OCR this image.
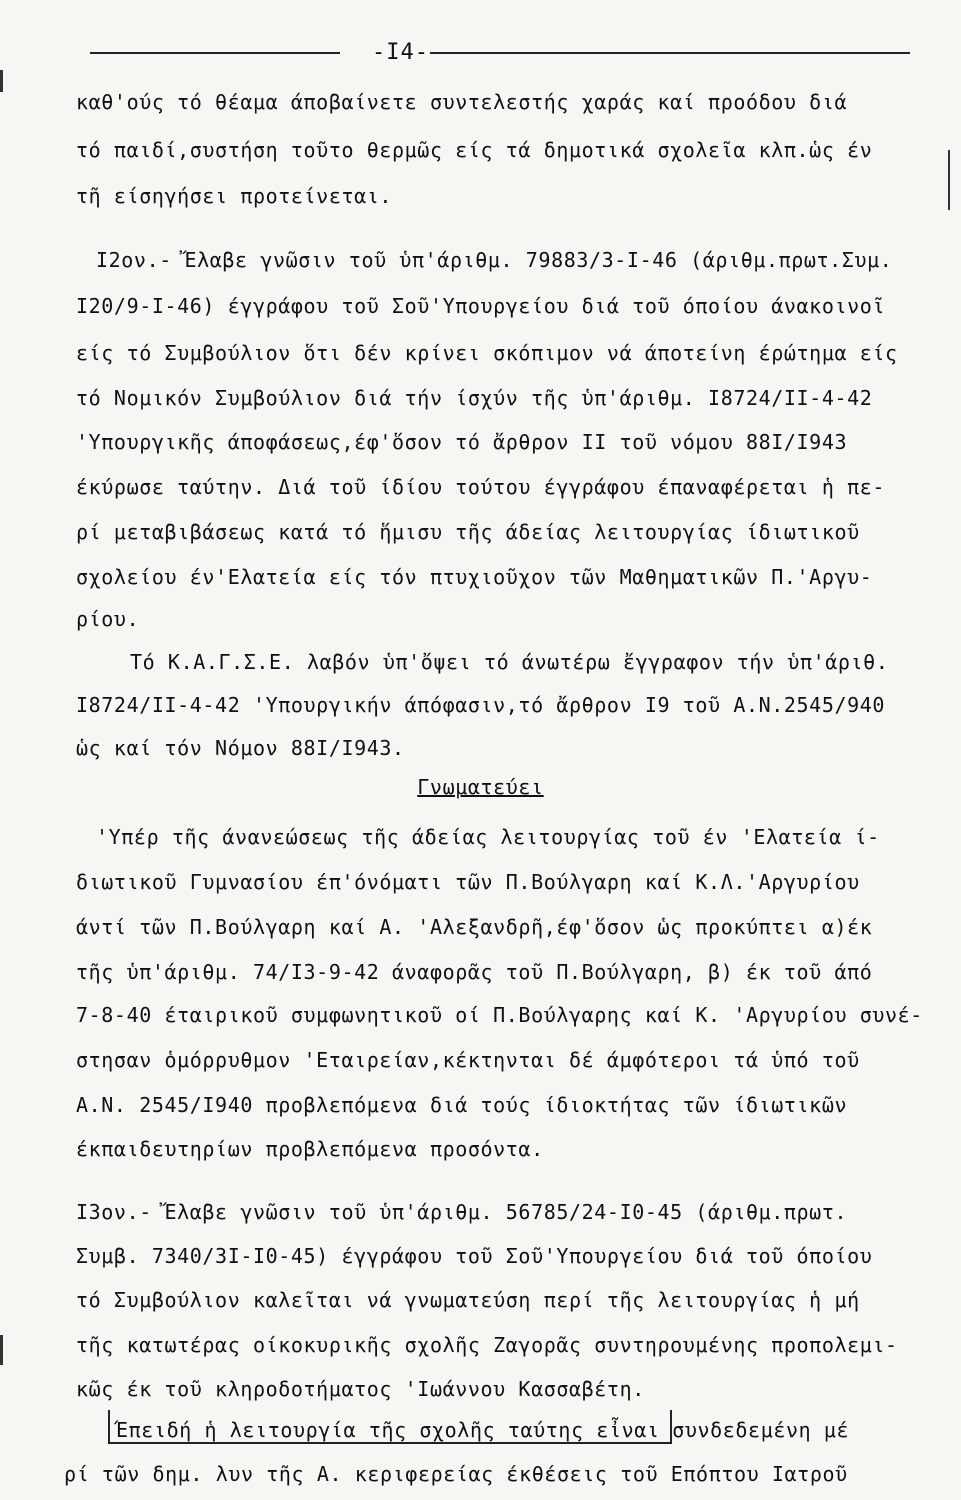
-I4-
καθ'ούς τό θέαμα άποβαίνετε συντελεστής χαράς καί προόδου διά
τό παιδί,συστήση τοῦτο θερμῶς είς τά δημοτικά σχολεῖα κλπ.ὡς έν
τῆ είσηγήσει προτείνεται.
I2ον.- Ἔλαβε γνῶσιν τοῦ ὑπ'άριθμ. 79883/3-I-46 (άριθμ.πρωτ.Συμ.
I20/9-I-46) έγγράφου τοῦ Σοῦ'Υπουργείου διά τοῦ όποίου άνακοινοῖ
είς τό Συμβούλιον ὅτι δέν κρίνει σκόπιμον νά άποτείνη έρώτημα είς
τό Νομικόν Συμβούλιον διά τήν ίσχύν τῆς ὑπ'άριθμ. I8724/II-4-42
'Υπουργικῆς άποφάσεως,έφ'ὅσον τό ἄρθρον II τοῦ νόμου 88I/I943
έκύρωσε ταύτην. Διά τοῦ ίδίου τούτου έγγράφου έπαναφέρεται ἡ πε-
ρί μεταβιβάσεως κατά τό ἥμισυ τῆς άδείας λειτουργίας ίδιωτικοῦ
σχολείου έν'Ελατεία είς τόν πτυχιοῦχον τῶν Μαθηματικῶν Π.'Αργυ-
ρίου.
Τό Κ.Α.Γ.Σ.Ε. λαβόν ὑπ'ὄψει τό άνωτέρω ἔγγραφον τήν ὑπ'άριθ.
I8724/II-4-42 'Υπουργικήν άπόφασιν,τό ἄρθρον I9 τοῦ Α.Ν.2545/940
ὡς καί τόν Νόμον 88I/I943.
Γνωματεύει
'Υπέρ τῆς άνανεώσεως τῆς άδείας λειτουργίας τοῦ έν 'Ελατεία ί-
διωτικοῦ Γυμνασίου έπ'όνόματι τῶν Π.Βούλγαρη καί Κ.Λ.'Αργυρίου
άντί τῶν Π.Βούλγαρη καί Α. 'Αλεξανδρῆ,έφ'ὅσον ὡς προκύπτει α)έκ
τῆς ὑπ'άριθμ. 74/I3-9-42 άναφορᾶς τοῦ Π.Βούλγαρη, β) έκ τοῦ άπό
7-8-40 έταιρικοῦ συμφωνητικοῦ οί Π.Βούλγαρης καί Κ. 'Αργυρίου συνέ-
στησαν ὁμόρρυθμον 'Εταιρείαν,κέκτηνται δέ άμφότεροι τά ὑπό τοῦ
Α.Ν. 2545/I940 προβλεπόμενα διά τούς ίδιοκτήτας τῶν ίδιωτικῶν
έκπαιδευτηρίων προβλεπόμενα προσόντα.
I3ον.- Ἔλαβε γνῶσιν τοῦ ὑπ'άριθμ. 56785/24-I0-45 (άριθμ.πρωτ.
Συμβ. 7340/3I-I0-45) έγγράφου τοῦ Σοῦ'Υπουργείου διά τοῦ όποίου
τό Συμβούλιον καλεῖται νά γνωματεύση περί τῆς λειτουργίας ἡ μή
τῆς κατωτέρας οίκοκυρικῆς σχολῆς Ζαγορᾶς συντηρουμένης προπολεμι-
κῶς έκ τοῦ κληροδοτήματος 'Ιωάννου Κασσαβέτη.
Έπειδή ἡ λειτουργία τῆς σχολῆς ταύτης εἶναι συνδεδεμένη μέ
ρί τῶν δημ. λυν τῆς Α. κεριφερείας έκθέσεις τοῦ Επόπτου Ιατροῦ
